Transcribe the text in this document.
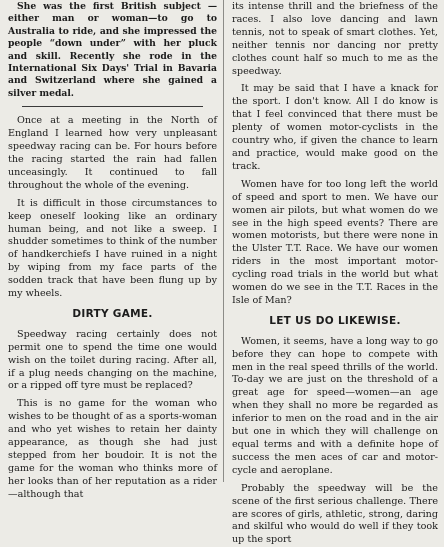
She was the first British subject —either man or woman—to go to Australia to ride, and she impressed the people “down under” with her pluck and skill. Recently she rode in the International Six Days' Trial in Bavaria and Switzerland where she gained a silver medal.

Once at a meeting in the North of England I learned how very unpleasant speedway racing can be. For hours before the racing started the rain had fallen unceasingly. It continued to fall throughout the whole of the evening.

It is difficult in those circumstances to keep oneself looking like an ordinary human being, and not like a sweep. I shudder sometimes to think of the number of handkerchiefs I have ruined in a night by wiping from my face parts of the sodden track that have been flung up by my wheels.

DIRTY GAME.

Speedway racing certainly does not permit one to spend the time one would wish on the toilet during racing. After all, if a plug needs changing on the machine, or a ripped off tyre must be replaced?

This is no game for the woman who wishes to be thought of as a sports-woman and who yet wishes to retain her dainty appearance, as though she had just stepped from her boudoir. It is not the game for the woman who thinks more of her looks than of her reputation as a rider—although that

its intense thrill and the briefness of the races. I also love dancing and lawn tennis, not to speak of smart clothes. Yet, neither tennis nor dancing nor pretty clothes count half so much to me as the speedway.

It may be said that I have a knack for the sport. I don't know. All I do know is that I feel convinced that there must be plenty of women motor-cyclists in the country who, if given the chance to learn and practice, would make good on the track.

Women have for too long left the world of speed and sport to men. We have our women air pilots, but what women do we see in the high speed events? There are women motorists, but there were none in the Ulster T.T. Race. We have our women riders in the most important motor-cycling road trials in the world but what women do we see in the T.T. Races in the Isle of Man?

LET US DO LIKEWISE.

Women, it seems, have a long way to go before they can hope to compete with men in the real speed thrills of the world. To-day we are just on the threshold of a great age for speed—women—an age when they shall no more be regarded as inferior to men on the road and in the air but one in which they will challenge on equal terms and with a definite hope of success the men aces of car and motor-cycle and aeroplane.

Probably the speedway will be the scene of the first serious challenge. There are scores of girls, athletic, strong, daring and skilful who would do well if they took up the sport
